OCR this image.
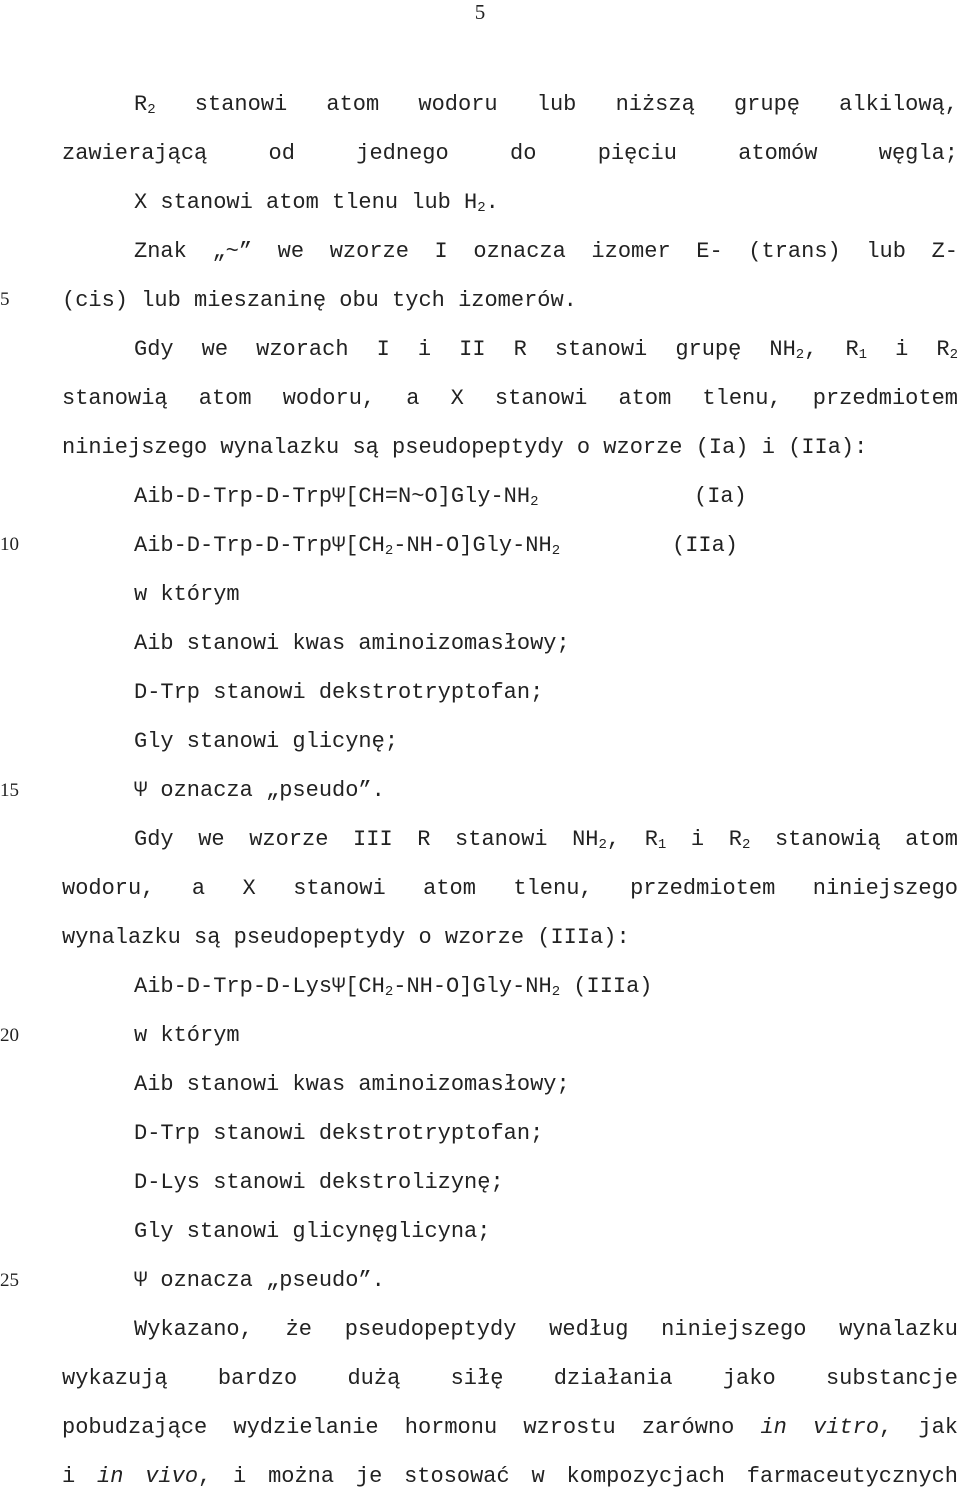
5
5
10
15
20
25
$R_2$ stanowi atom wodoru lub niższą grupę alkilową,
zawierającą od jednego do pięciu atomów węgla;
X stanowi atom tlenu lub $H_2$.
Znak „~” we wzorze I oznacza izomer E- (trans) lub Z-
(cis) lub mieszaninę obu tych izomerów.
Gdy we wzorach I i II R stanowi grupę $NH_2$, $R_1$ i $R_2$
stanowią atom wodoru, a X stanowi atom tlenu, przedmiotem
niniejszego wynalazku są pseudopeptydy o wzorze (Ia) i (IIa):
Aib-$D-Trp-D-Trp\Psi[CH=N\sim O]Gly-NH_2$	(Ia)
Aib-$D-Trp-D-Trp\Psi[CH_2-NH-O]Gly-NH_2$	(IIa)
w którym
Aib stanowi kwas aminoizomasłowy;
D-Trp stanowi dekstrotryptofan;
Gly stanowi glicynę;
Ψ oznacza „pseudo”.
Gdy we wzorze III R stanowi $NH_2$, $R_1$ i $R_2$ stanowią atom
wodoru, a X stanowi atom tlenu, przedmiotem niniejszego
wynalazku są pseudopeptydy o wzorze (IIIa):
Aib-$D-Trp-D-Lys\Psi[CH_2-NH-O]Gly-NH_2$ (IIIa)
w którym
Aib stanowi kwas aminoizomasłowy;
D-Trp stanowi dekstrotryptofan;
D-Lys stanowi dekstrolizynę;
Gly stanowi glicynęglicyna;
Ψ oznacza „pseudo”.
Wykazano, że pseudopeptydy według niniejszego wynalazku
wykazują bardzo dużą siłę działania jako substancje
pobudzające wydzielanie hormonu wzrostu zarówno in vitro, jak
i in vivo, i można je stosować w kompozycjach farmaceutycznych
